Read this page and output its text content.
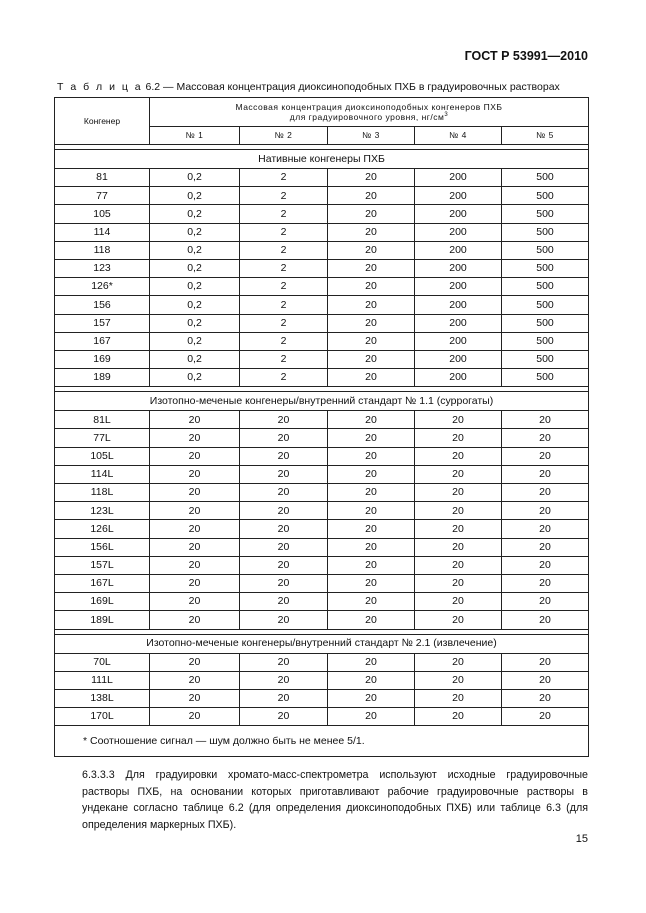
ГОСТ Р 53991—2010
Т а б л и ц а 6.2 — Массовая концентрация диоксиноподобных ПХБ в градуировочных растворах
Конгенер	Массовая концентрация диоксиноподобных конгенеров ПХБ
для градуировочного уровня, $нг/см^3$
	№ 1	№ 2	№ 3	№ 4	№ 5

Нативные конгенеры ПХБ					
81	0,2	2	20	200	500
77	0,2	2	20	200	500
105	0,2	2	20	200	500
114	0,2	2	20	200	500
118	0,2	2	20	200	500
123	0,2	2	20	200	500
126*	0,2	2	20	200	500
156	0,2	2	20	200	500
157	0,2	2	20	200	500
167	0,2	2	20	200	500
169	0,2	2	20	200	500
189	0,2	2	20	200	500

Изотопно-меченые конгенеры/внутренний стандарт № 1.1 (суррогаты)					
81L	20	20	20	20	20
77L	20	20	20	20	20
105L	20	20	20	20	20
114L	20	20	20	20	20
118L	20	20	20	20	20
123L	20	20	20	20	20
126L	20	20	20	20	20
156L	20	20	20	20	20
157L	20	20	20	20	20
167L	20	20	20	20	20
169L	20	20	20	20	20
189L	20	20	20	20	20

Изотопно-меченые конгенеры/внутренний стандарт № 2.1 (извлечение)					
70L	20	20	20	20	20
111L	20	20	20	20	20
138L	20	20	20	20	20
170L	20	20	20	20	20
* Соотношение сигнал — шум должно быть не менее 5/1.					
6.3.3.3 Для градуировки хромато-масс-спектрометра используют исходные градуировочные растворы ПХБ, на основании которых приготавливают рабочие градуировочные растворы в ундекане согласно таблице 6.2 (для определения диоксиноподобных ПХБ) или таблице 6.3 (для определения маркерных ПХБ).
15
